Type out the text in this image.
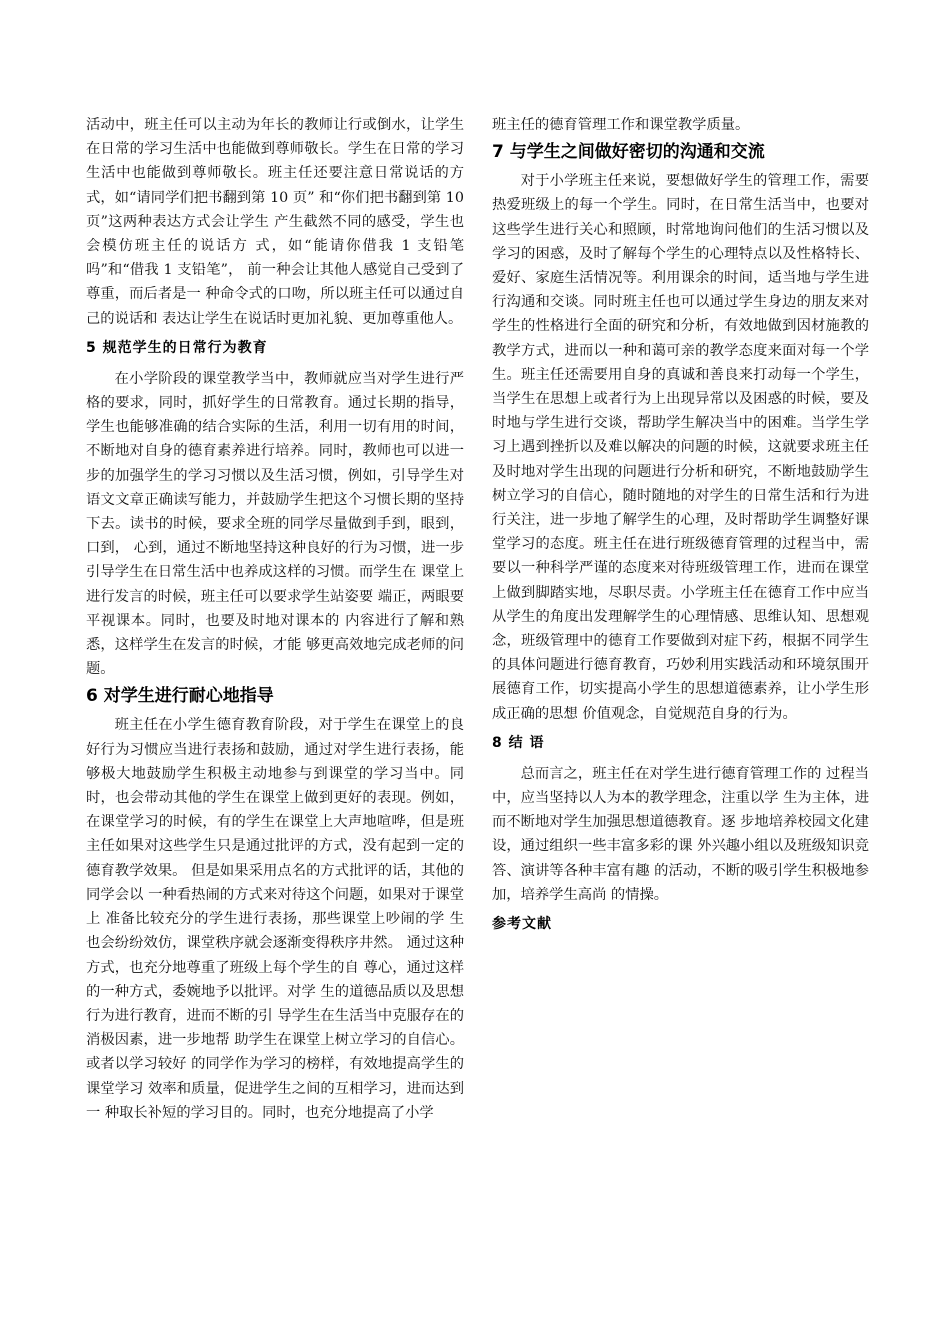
活动中，班主任可以主动为年长的教师让行或倒水，让学生在日常的学习生活中也能做到尊师敬长。学生在日常的学习生活中也能做到尊师敬长。班主任还要注意日常说话的方式，如“请同学们把书翻到第 10 页” 和“你们把书翻到第 10 页”这两种表达方式会让学生 产生截然不同的感受，学生也会模仿班主任的说话方 式，如“能请你借我 1 支铅笔吗”和“借我 1 支铅笔”， 前一种会让其他人感觉自己受到了尊重，而后者是一 种命令式的口吻，所以班主任可以通过自己的说话和 表达让学生在说话时更加礼貌、更加尊重他人。

5 规范学生的日常行为教育

在小学阶段的课堂教学当中，教师就应当对学生进行严格的要求，同时，抓好学生的日常教育。通过长期的指导，学生也能够准确的结合实际的生活，利用一切有用的时间，不断地对自身的德育素养进行培养。同时，教师也可以进一步的加强学生的学习习惯以及生活习惯，例如，引导学生对语文文章正确读写能力，并鼓励学生把这个习惯长期的坚持下去。读书的时候，要求全班的同学尽量做到手到，眼到，口到， 心到，通过不断地坚持这种良好的行为习惯，进一步 引导学生在日常生活中也养成这样的习惯。而学生在 课堂上进行发言的时候，班主任可以要求学生站姿要 端正，两眼要平视课本。同时，也要及时地对课本的 内容进行了解和熟悉，这样学生在发言的时候，才能 够更高效地完成老师的问题。

6 对学生进行耐心地指导

班主任在小学生德育教育阶段，对于学生在课堂上的良好行为习惯应当进行表扬和鼓励，通过对学生进行表扬，能够极大地鼓励学生积极主动地参与到课堂的学习当中。同时，也会带动其他的学生在课堂上做到更好的表现。例如，在课堂学习的时候，有的学生在课堂上大声地喧哗，但是班主任如果对这些学生只是通过批评的方式，没有起到一定的德育教学效果。 但是如果采用点名的方式批评的话，其他的同学会以 一种看热闹的方式来对待这个问题，如果对于课堂上 准备比较充分的学生进行表扬，那些课堂上吵闹的学 生也会纷纷效仿，课堂秩序就会逐渐变得秩序井然。 通过这种方式，也充分地尊重了班级上每个学生的自 尊心，通过这样的一种方式，委婉地予以批评。对学 生的道德品质以及思想行为进行教育，进而不断的引 导学生在生活当中克服存在的消极因素，进一步地帮 助学生在课堂上树立学习的自信心。或者以学习较好 的同学作为学习的榜样，有效地提高学生的课堂学习 效率和质量，促进学生之间的互相学习，进而达到一 种取长补短的学习目的。同时，也充分地提高了小学

班主任的德育管理工作和课堂教学质量。

7 与学生之间做好密切的沟通和交流

对于小学班主任来说，要想做好学生的管理工作，需要热爱班级上的每一个学生。同时，在日常生活当中，也要对这些学生进行关心和照顾，时常地询问他们的生活习惯以及学习的困惑，及时了解每个学生的心理特点以及性格特长、爱好、家庭生活情况等。利用课余的时间，适当地与学生进行沟通和交谈。同时班主任也可以通过学生身边的朋友来对学生的性格进行全面的研究和分析，有效地做到因材施教的教学方式，进而以一种和蔼可亲的教学态度来面对每一个学生。班主任还需要用自身的真诚和善良来打动每一个学生，当学生在思想上或者行为上出现异常以及困惑的时候，要及时地与学生进行交谈，帮助学生解决当中的困难。当学生学习上遇到挫折以及难以解决的问题的时候，这就要求班主任及时地对学生出现的问题进行分析和研究，不断地鼓励学生树立学习的自信心，随时随地的对学生的日常生活和行为进行关注，进一步地了解学生的心理，及时帮助学生调整好课堂学习的态度。班主任在进行班级德育管理的过程当中，需要以一种科学严谨的态度来对待班级管理工作，进而在课堂上做到脚踏实地，尽职尽责。小学班主任在德育工作中应当从学生的角度出发理解学生的心理情感、思维认知、思想观念，班级管理中的德育工作要做到对症下药，根据不同学生的具体问题进行德育教育，巧妙利用实践活动和环境氛围开展德育工作，切实提高小学生的思想道德素养，让小学生形成正确的思想 价值观念，自觉规范自身的行为。

8 结 语

总而言之，班主任在对学生进行德育管理工作的 过程当中，应当坚持以人为本的教学理念，注重以学 生为主体，进而不断地对学生加强思想道德教育。逐 步地培养校园文化建设，通过组织一些丰富多彩的课 外兴趣小组以及班级知识竞答、演讲等各种丰富有趣 的活动，不断的吸引学生积极地参加，培养学生高尚 的情操。

参考文献
